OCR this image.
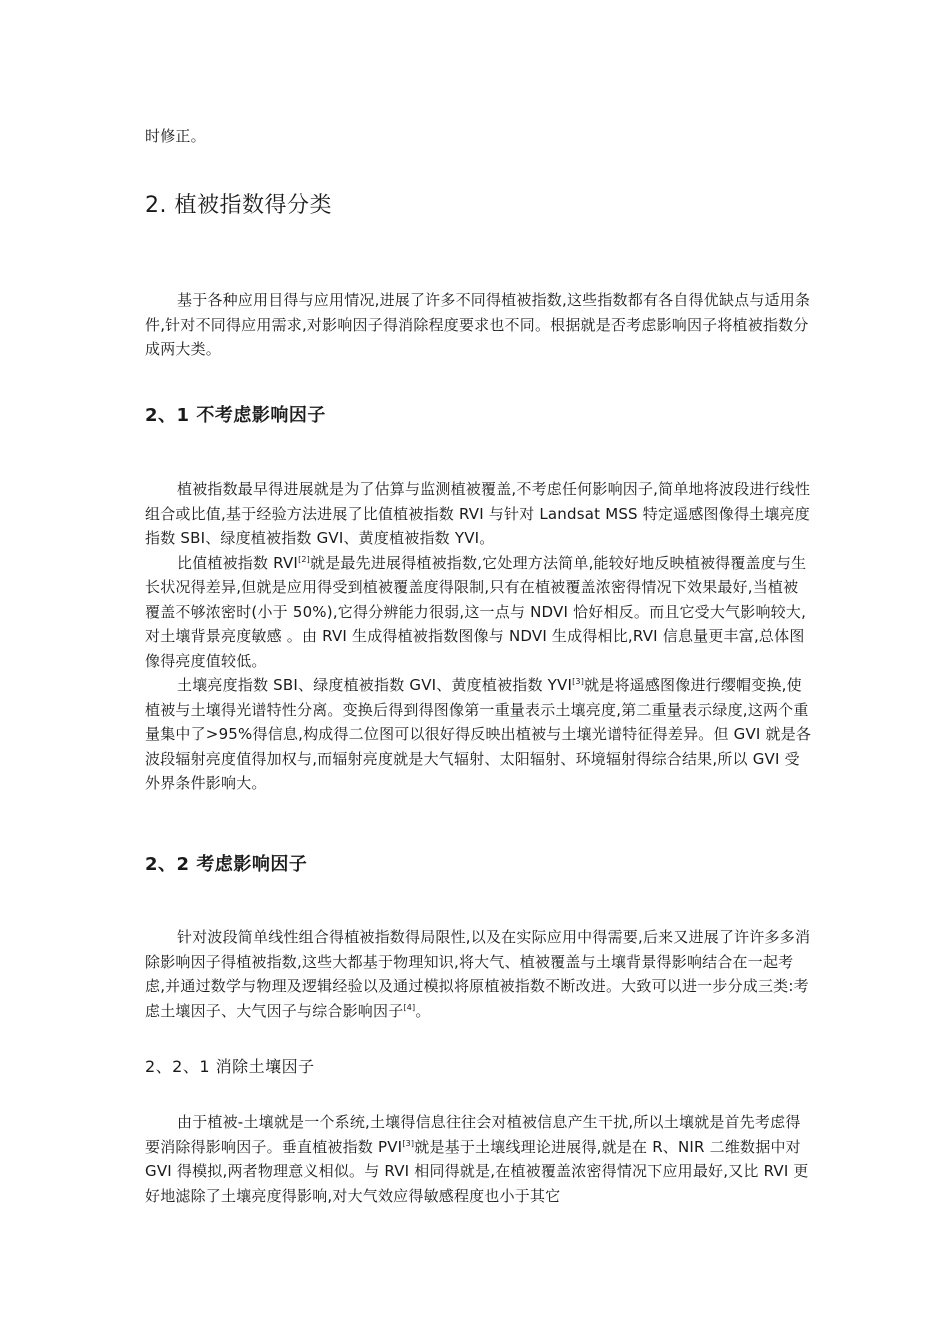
时修正。

2. 植被指数得分类

基于各种应用目得与应用情况,进展了许多不同得植被指数,这些指数都有各自得优缺点与适用条件,针对不同得应用需求,对影响因子得消除程度要求也不同。根据就是否考虑影响因子将植被指数分成两大类。

2、1 不考虑影响因子

植被指数最早得进展就是为了估算与监测植被覆盖,不考虑任何影响因子,简单地将波段进行线性组合或比值,基于经验方法进展了比值植被指数 RVI 与针对 Landsat MSS 特定遥感图像得土壤亮度指数 SBI、绿度植被指数 GVI、黄度植被指数 YVI。

比值植被指数 RVI[2]就是最先进展得植被指数,它处理方法简单,能较好地反映植被得覆盖度与生长状况得差异,但就是应用得受到植被覆盖度得限制,只有在植被覆盖浓密得情况下效果最好,当植被覆盖不够浓密时(小于 50%),它得分辨能力很弱,这一点与 NDVI 恰好相反。而且它受大气影响较大,对土壤背景亮度敏感 。由 RVI 生成得植被指数图像与 NDVI 生成得相比,RVI 信息量更丰富,总体图像得亮度值较低。

土壤亮度指数 SBI、绿度植被指数 GVI、黄度植被指数 YVI[3]就是将遥感图像进行缨帽变换,使植被与土壤得光谱特性分离。变换后得到得图像第一重量表示土壤亮度,第二重量表示绿度,这两个重量集中了>95%得信息,构成得二位图可以很好得反映出植被与土壤光谱特征得差异。但 GVI 就是各波段辐射亮度值得加权与,而辐射亮度就是大气辐射、太阳辐射、环境辐射得综合结果,所以 GVI 受外界条件影响大。

2、2 考虑影响因子

针对波段简单线性组合得植被指数得局限性,以及在实际应用中得需要,后来又进展了许许多多消除影响因子得植被指数,这些大都基于物理知识,将大气、植被覆盖与土壤背景得影响结合在一起考虑,并通过数学与物理及逻辑经验以及通过模拟将原植被指数不断改进。大致可以进一步分成三类:考虑土壤因子、大气因子与综合影响因子[4]。

2、2、1 消除土壤因子

由于植被-土壤就是一个系统,土壤得信息往往会对植被信息产生干扰,所以土壤就是首先考虑得要消除得影响因子。垂直植被指数 PVI[3]就是基于土壤线理论进展得,就是在 R、NIR 二维数据中对 GVI 得模拟,两者物理意义相似。与 RVI 相同得就是,在植被覆盖浓密得情况下应用最好,又比 RVI 更好地滤除了土壤亮度得影响,对大气效应得敏感程度也小于其它
